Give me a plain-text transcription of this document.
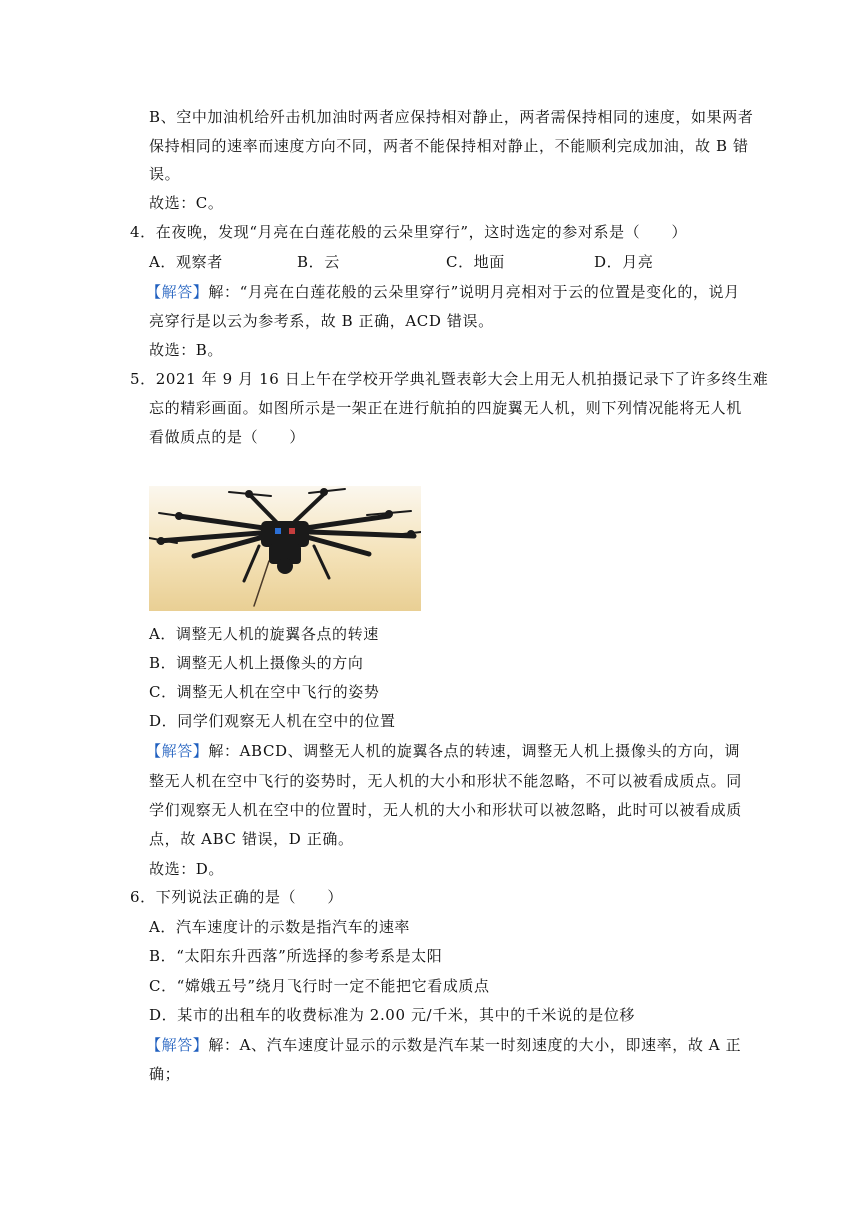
B、空中加油机给歼击机加油时两者应保持相对静止，两者需保持相同的速度，如果两者
保持相同的速率而速度方向不同，两者不能保持相对静止，不能顺利完成加油，故 B 错
误。
故选：C。
4．在夜晚，发现“月亮在白莲花般的云朵里穿行”，这时选定的参对系是（　　）
A．观察者	B．云	C．地面	D．月亮
【解答】解：“月亮在白莲花般的云朵里穿行”说明月亮相对于云的位置是变化的，说月
亮穿行是以云为参考系，故 B 正确，ACD 错误。
故选：B。
5．2021 年 9 月 16 日上午在学校开学典礼暨表彰大会上用无人机拍摄记录下了许多终生难
忘的精彩画面。如图所示是一架正在进行航拍的四旋翼无人机，则下列情况能将无人机
看做质点的是（　　）
A．调整无人机的旋翼各点的转速
B．调整无人机上摄像头的方向
C．调整无人机在空中飞行的姿势
D．同学们观察无人机在空中的位置
【解答】解：ABCD、调整无人机的旋翼各点的转速，调整无人机上摄像头的方向，调
整无人机在空中飞行的姿势时，无人机的大小和形状不能忽略，不可以被看成质点。同
学们观察无人机在空中的位置时，无人机的大小和形状可以被忽略，此时可以被看成质
点，故 ABC 错误，D 正确。
故选：D。
6．下列说法正确的是（　　）
A．汽车速度计的示数是指汽车的速率
B．“太阳东升西落”所选择的参考系是太阳
C．“嫦娥五号”绕月飞行时一定不能把它看成质点
D．某市的出租车的收费标准为 2.00 元/千米，其中的千米说的是位移
【解答】解：A、汽车速度计显示的示数是汽车某一时刻速度的大小，即速率，故 A 正
确；
